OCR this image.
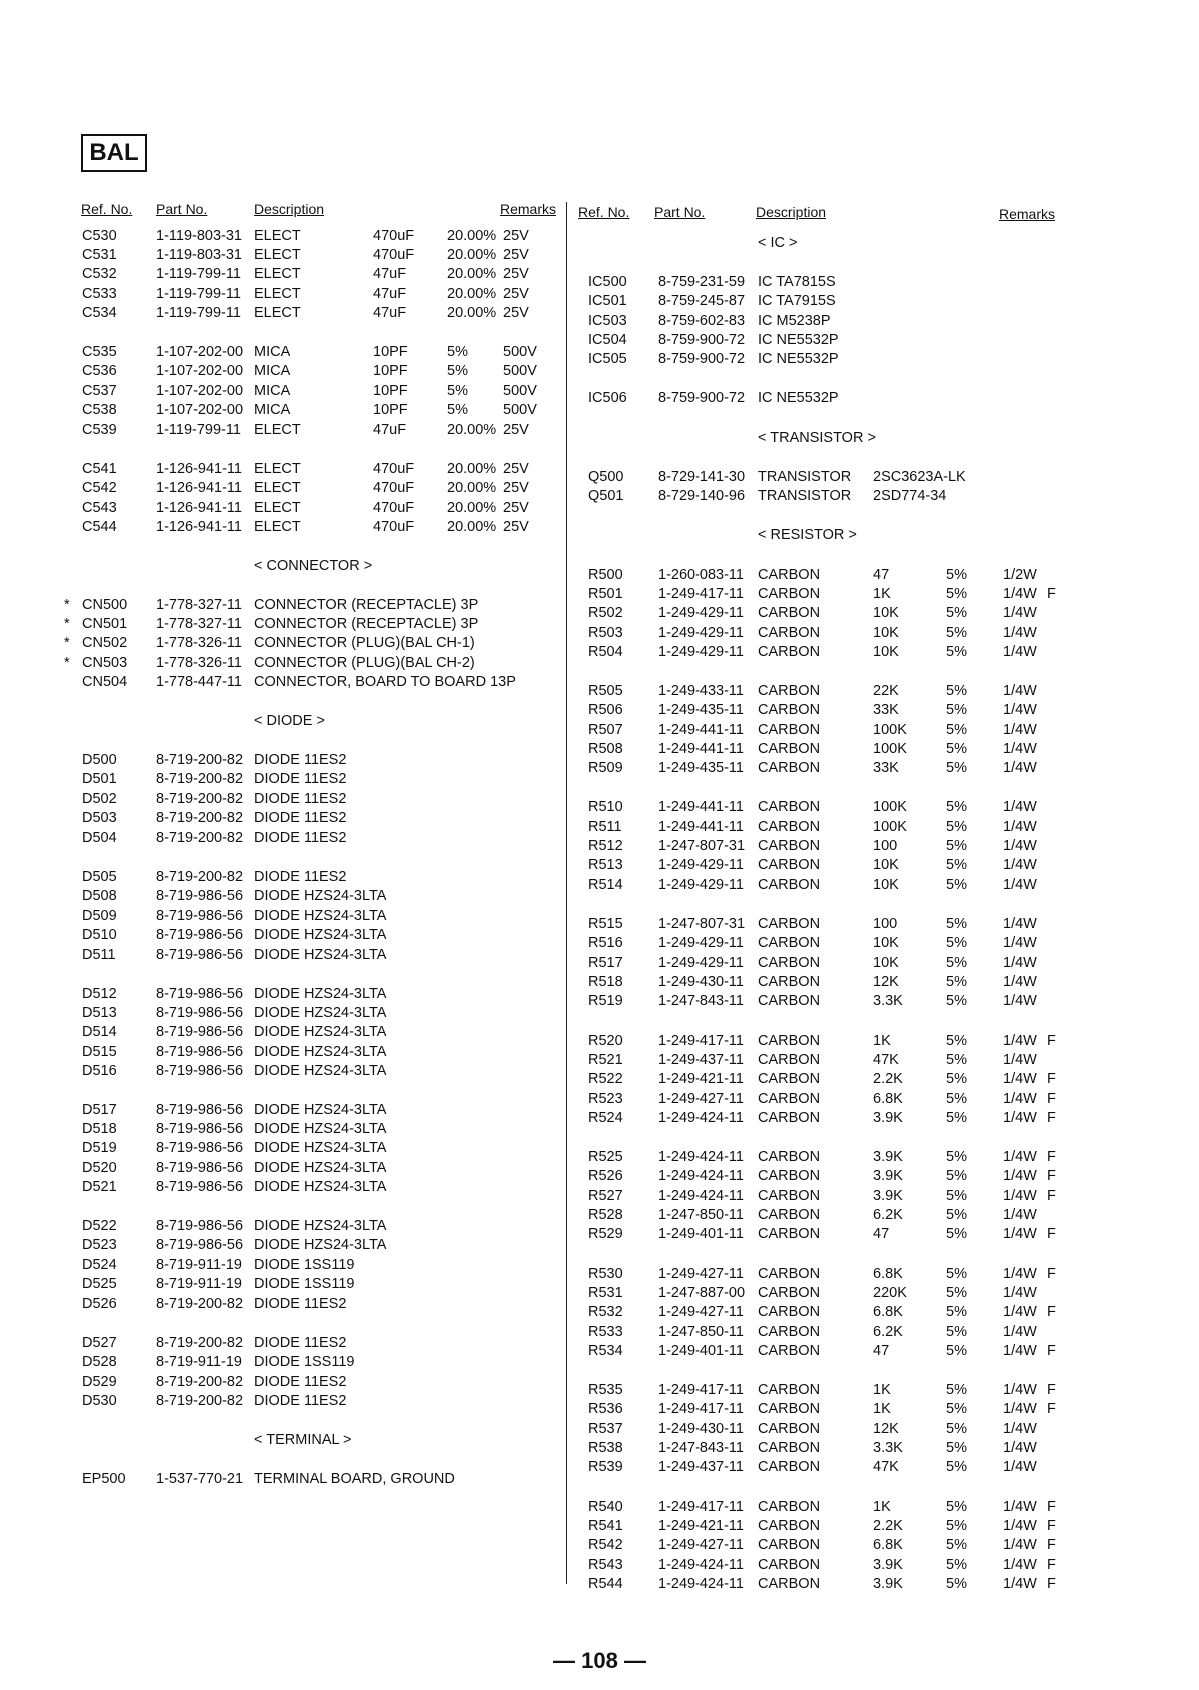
BAL
Ref. No. Part No.	Description	Remarks Ref. No. Part No.	Description	Remarks
C530	1-119-803-31 ELECT	470uF 20.00% 25V
C531	1-119-803-31 ELECT	470uF 20.00% 25V
C532	1-119-799-11 ELECT	47uF	20.00% 25V
C533	1-119-799-11 ELECT	47uF	20.00% 25V
C534	1-119-799-11 ELECT	47uF	20.00% 25V
C535	1-107-202-00 MICA	10PF	5% 500V
C536	1-107-202-00 MICA	10PF	5% 500V
C537	1-107-202-00 MICA	10PF	5% 500V
C538	1-107-202-00 MICA	10PF	5% 500V
C539	1-119-799-11 ELECT	47uF	20.00% 25V
C541	1-126-941-11 ELECT	470uF 20.00% 25V
C542	1-126-941-11 ELECT	470uF 20.00% 25V
C543	1-126-941-11 ELECT	470uF 20.00% 25V
C544	1-126-941-11 ELECT	470uF 20.00% 25V
< CONNECTOR >
* CN500 1-778-327-11 CONNECTOR (RECEPTACLE) 3P
* CN501 1-778-327-11 CONNECTOR (RECEPTACLE) 3P
* CN502 1-778-326-11 CONNECTOR (PLUG)(BAL CH-1)
* CN503 1-778-326-11 CONNECTOR (PLUG)(BAL CH-2)
CN504 1-778-447-11 CONNECTOR, BOARD TO BOARD 13P
< DIODE >
D500	8-719-200-82 DIODE 11ES2
D501	8-719-200-82 DIODE 11ES2
D502	8-719-200-82 DIODE 11ES2
D503	8-719-200-82 DIODE 11ES2
D504	8-719-200-82 DIODE 11ES2
D505	8-719-200-82 DIODE 11ES2
D508	8-719-986-56 DIODE HZS24-3LTA
D509	8-719-986-56 DIODE HZS24-3LTA
D510	8-719-986-56 DIODE HZS24-3LTA
D511	8-719-986-56 DIODE HZS24-3LTA
D512	8-719-986-56 DIODE HZS24-3LTA
D513	8-719-986-56 DIODE HZS24-3LTA
D514	8-719-986-56 DIODE HZS24-3LTA
D515	8-719-986-56 DIODE HZS24-3LTA
D516	8-719-986-56 DIODE HZS24-3LTA
D517	8-719-986-56 DIODE HZS24-3LTA
D518	8-719-986-56 DIODE HZS24-3LTA
D519	8-719-986-56 DIODE HZS24-3LTA
D520	8-719-986-56 DIODE HZS24-3LTA
D521	8-719-986-56 DIODE HZS24-3LTA
D522	8-719-986-56 DIODE HZS24-3LTA
D523	8-719-986-56 DIODE HZS24-3LTA
D524	8-719-911-19 DIODE 1SS119
D525	8-719-911-19 DIODE 1SS119
D526	8-719-200-82 DIODE 11ES2
D527	8-719-200-82 DIODE 11ES2
D528	8-719-911-19 DIODE 1SS119
D529	8-719-200-82 DIODE 11ES2
D530	8-719-200-82 DIODE 11ES2
< TERMINAL >
EP500 1-537-770-21 TERMINAL BOARD, GROUND
< IC >
IC500 8-759-231-59 IC TA7815S
IC501 8-759-245-87 IC TA7915S
IC503 8-759-602-83 IC M5238P
IC504 8-759-900-72 IC NE5532P
IC505 8-759-900-72 IC NE5532P
IC506 8-759-900-72 IC NE5532P
< TRANSISTOR >
Q500 8-729-141-30 TRANSISTOR 2SC3623A-LK
Q501 8-729-140-96 TRANSISTOR 2SD774-34
< RESISTOR >
R500 1-260-083-11 CARBON	47	5% 1/2W
R501 1-249-417-11 CARBON	1K	5% 1/4W F
R502 1-249-429-11 CARBON	10K	5% 1/4W
R503 1-249-429-11 CARBON	10K	5% 1/4W
R504 1-249-429-11 CARBON	10K	5% 1/4W
R505 1-249-433-11 CARBON	22K	5% 1/4W
R506 1-249-435-11 CARBON	33K	5% 1/4W
R507 1-249-441-11 CARBON	100K	5% 1/4W
R508 1-249-441-11 CARBON	100K	5% 1/4W
R509 1-249-435-11 CARBON	33K	5% 1/4W
R510 1-249-441-11 CARBON	100K	5% 1/4W
R511	1-249-441-11 CARBON	100K	5% 1/4W
R512 1-247-807-31 CARBON	100	5% 1/4W
R513 1-249-429-11 CARBON	10K	5% 1/4W
R514 1-249-429-11 CARBON	10K	5% 1/4W
R515 1-247-807-31 CARBON	100	5% 1/4W
R516 1-249-429-11 CARBON	10K	5% 1/4W
R517 1-249-429-11 CARBON	10K	5% 1/4W
R518 1-249-430-11 CARBON	12K	5% 1/4W
R519 1-247-843-11 CARBON	3.3K	5% 1/4W
R520 1-249-417-11 CARBON	1K	5% 1/4W F
R521 1-249-437-11 CARBON	47K	5% 1/4W
R522 1-249-421-11 CARBON	2.2K	5% 1/4W F
R523 1-249-427-11 CARBON	6.8K	5% 1/4W F
R524 1-249-424-11 CARBON	3.9K	5% 1/4W F
R525 1-249-424-11 CARBON	3.9K	5% 1/4W F
R526 1-249-424-11 CARBON	3.9K	5% 1/4W F
R527 1-249-424-11 CARBON	3.9K	5% 1/4W F
R528 1-247-850-11 CARBON	6.2K	5% 1/4W
R529 1-249-401-11 CARBON	47	5% 1/4W F
R530 1-249-427-11 CARBON	6.8K	5% 1/4W F
R531 1-247-887-00 CARBON	220K	5% 1/4W
R532 1-249-427-11 CARBON	6.8K	5% 1/4W F
R533 1-247-850-11 CARBON	6.2K	5% 1/4W
R534 1-249-401-11 CARBON	47	5% 1/4W F
R535 1-249-417-11 CARBON	1K	5% 1/4W F
R536 1-249-417-11 CARBON	1K	5% 1/4W F
R537 1-249-430-11 CARBON	12K	5% 1/4W
R538 1-247-843-11 CARBON	3.3K	5% 1/4W
R539 1-249-437-11 CARBON	47K	5% 1/4W
R540 1-249-417-11 CARBON	1K	5% 1/4W F
R541 1-249-421-11 CARBON	2.2K	5% 1/4W F
R542 1-249-427-11 CARBON	6.8K	5% 1/4W F
R543 1-249-424-11 CARBON	3.9K	5% 1/4W F
R544 1-249-424-11 CARBON	3.9K	5% 1/4W F
— 108 —
